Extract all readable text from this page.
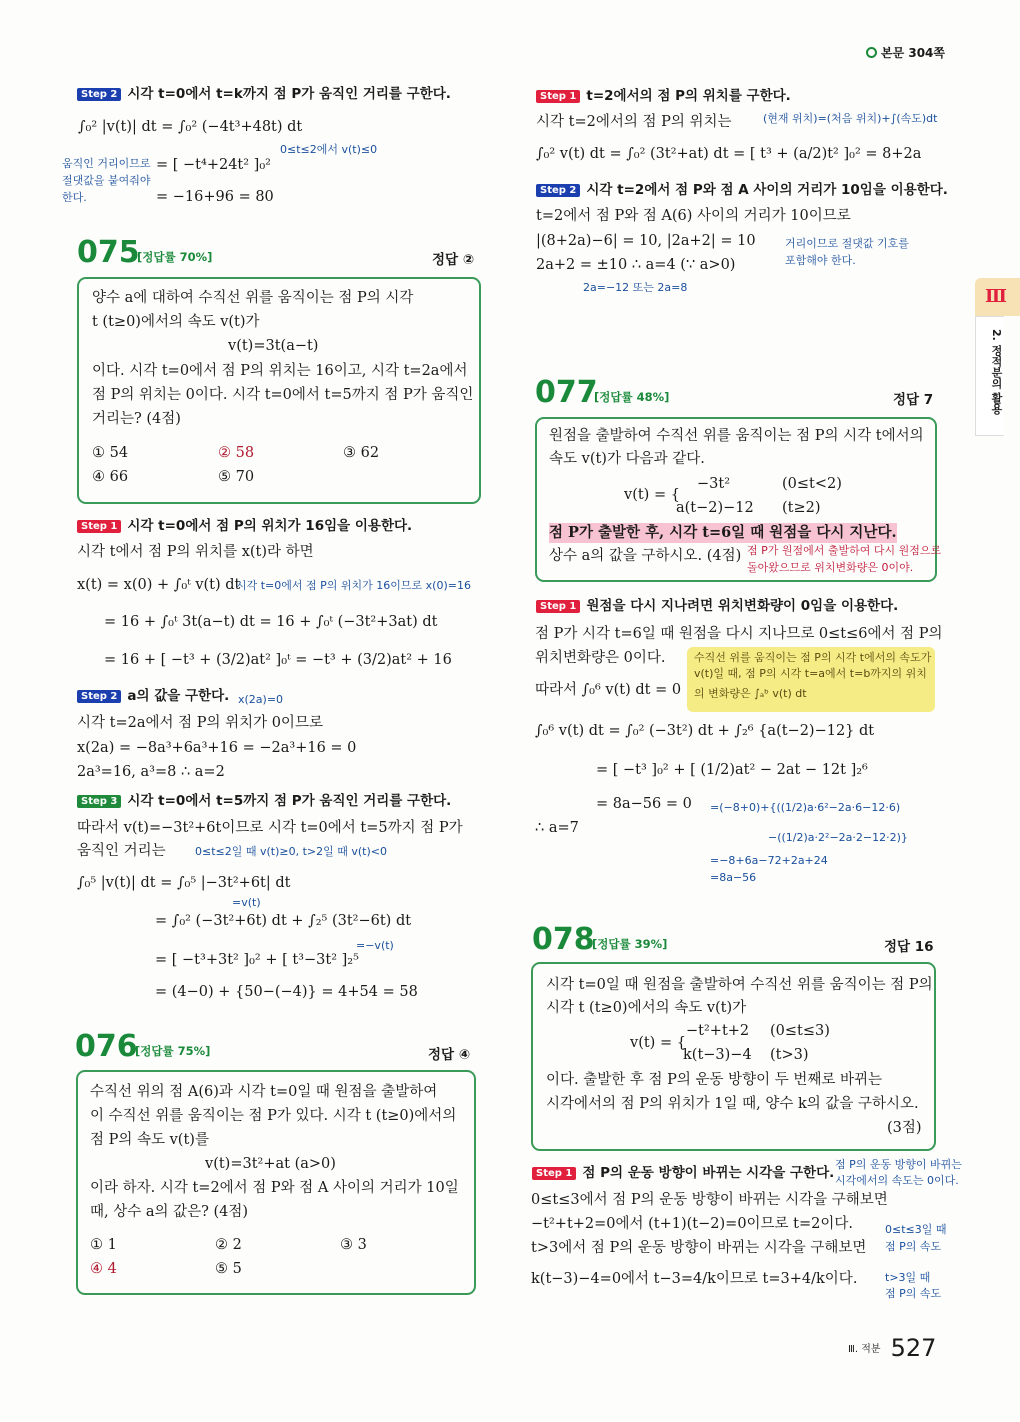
본문 304쪽
Ⅲ
2. 정적분의 활용
$^{Ⅲ. 적분}$ 527
Step 2 시각 t=0에서 t=k까지 점 P가 움직인 거리를 구한다.
∫₀² |v(t)| dt = ∫₀² (−4t³+48t) dt
0≤t≤2에서 v(t)≤0
움직인 거리이므로
절댓값을 붙여줘야
한다.
= [ −t⁴+24t² ]₀²
= −16+96 = 80
075
[정답률 70%]	정답 ②
양수 a에 대하여 수직선 위를 움직이는 점 P의 시각
t (t≥0)에서의 속도 v(t)가
v(t)=3t(a−t)
이다. 시각 t=0에서 점 P의 위치는 16이고, 시각 t=2a에서
점 P의 위치는 0이다. 시각 t=0에서 t=5까지 점 P가 움직인
거리는? (4점)
① 54	② 58	③ 62
④ 66	⑤ 70
Step 1 시각 t=0에서 점 P의 위치가 16임을 이용한다.
시각 t에서 점 P의 위치를 x(t)라 하면
x(t) = x(0) + ∫₀ᵗ v(t) dt
시각 t=0에서 점 P의 위치가 16이므로 x(0)=16
= 16 + ∫₀ᵗ 3t(a−t) dt = 16 + ∫₀ᵗ (−3t²+3at) dt
= 16 + [ −t³ + (3/2)at² ]₀ᵗ = −t³ + (3/2)at² + 16
Step 2 a의 값을 구한다. x(2a)=0
시각 t=2a에서 점 P의 위치가 0이므로
x(2a) = −8a³+6a³+16 = −2a³+16 = 0
2a³=16, a³=8 ∴ a=2
Step 3 시각 t=0에서 t=5까지 점 P가 움직인 거리를 구한다.
따라서 v(t)=−3t²+6t이므로 시각 t=0에서 t=5까지 점 P가
움직인 거리는	0≤t≤2일 때 v(t)≥0, t>2일 때 v(t)<0
∫₀⁵ |v(t)| dt = ∫₀⁵ |−3t²+6t| dt
=v(t)
= ∫₀² (−3t²+6t) dt + ∫₂⁵ (3t²−6t) dt
=−v(t)
= [ −t³+3t² ]₀² + [ t³−3t² ]₂⁵
= (4−0) + {50−(−4)} = 4+54 = 58
076
[정답률 75%]	정답 ④
수직선 위의 점 A(6)과 시각 t=0일 때 원점을 출발하여
이 수직선 위를 움직이는 점 P가 있다. 시각 t (t≥0)에서의
점 P의 속도 v(t)를
v(t)=3t²+at (a>0)
이라 하자. 시각 t=2에서 점 P와 점 A 사이의 거리가 10일
때, 상수 a의 값은? (4점)
① 1	② 2	③ 3
④ 4	⑤ 5
Step 1 t=2에서의 점 P의 위치를 구한다.
시각 t=2에서의 점 P의 위치는	(현재 위치)=(처음 위치)+∫(속도)dt
∫₀² v(t) dt = ∫₀² (3t²+at) dt = [ t³ + (a/2)t² ]₀² = 8+2a
Step 2 시각 t=2에서 점 P와 점 A 사이의 거리가 10임을 이용한다.
t=2에서 점 P와 점 A(6) 사이의 거리가 10이므로
|(8+2a)−6| = 10, |2a+2| = 10
2a+2 = ±10 ∴ a=4 (∵ a>0)
거리이므로 절댓값 기호를
포함해야 한다.
2a=−12 또는 2a=8
077
[정답률 48%]	정답 7
원점을 출발하여 수직선 위를 움직이는 점 P의 시각 t에서의
속도 v(t)가 다음과 같다.
v(t) = {
−3t²	(0≤t<2)
a(t−2)−12 (t≥2)
점 P가 출발한 후, 시각 t=6일 때 원점을 다시 지난다.
상수 a의 값을 구하시오. (4점) 점 P가 원점에서 출발하여 다시 원점으로
돌아왔으므로 위치변화량은 0이야.
Step 1 원점을 다시 지나려면 위치변화량이 0임을 이용한다.
점 P가 시각 t=6일 때 원점을 다시 지나므로 0≤t≤6에서 점 P의
위치변화량은 0이다.	수직선 위를 움직이는 점 P의 시각 t에서의 속도가
v(t)일 때, 점 P의 시각 t=a에서 t=b까지의 위치
의 변화량은 ∫ₐᵇ v(t) dt
따라서 ∫₀⁶ v(t) dt = 0
∫₀⁶ v(t) dt = ∫₀² (−3t²) dt + ∫₂⁶ {a(t−2)−12} dt
= [ −t³ ]₀² + [ (1/2)at² − 2at − 12t ]₂⁶
= 8a−56 = 0
∴ a=7
=(−8+0)+{((1/2)a·6²−2a·6−12·6)
−((1/2)a·2²−2a·2−12·2)}
=−8+6a−72+2a+24
=8a−56
078
[정답률 39%]	정답 16
시각 t=0일 때 원점을 출발하여 수직선 위를 움직이는 점 P의
시각 t (t≥0)에서의 속도 v(t)가
v(t) = {
−t²+t+2 (0≤t≤3)
k(t−3)−4 (t>3)
이다. 출발한 후 점 P의 운동 방향이 두 번째로 바뀌는
시각에서의 점 P의 위치가 1일 때, 양수 k의 값을 구하시오.
(3점)
Step 1 점 P의 운동 방향이 바뀌는 시각을 구한다.
점 P의 운동 방향이 바뀌는
시각에서의 속도는 0이다.
0≤t≤3에서 점 P의 운동 방향이 바뀌는 시각을 구해보면
−t²+t+2=0에서 (t+1)(t−2)=0이므로 t=2이다.	0≤t≤3일 때
점 P의 속도
t>3에서 점 P의 운동 방향이 바뀌는 시각을 구해보면
k(t−3)−4=0에서 t−3=4/k이므로 t=3+4/k이다.	t>3일 때
점 P의 속도
